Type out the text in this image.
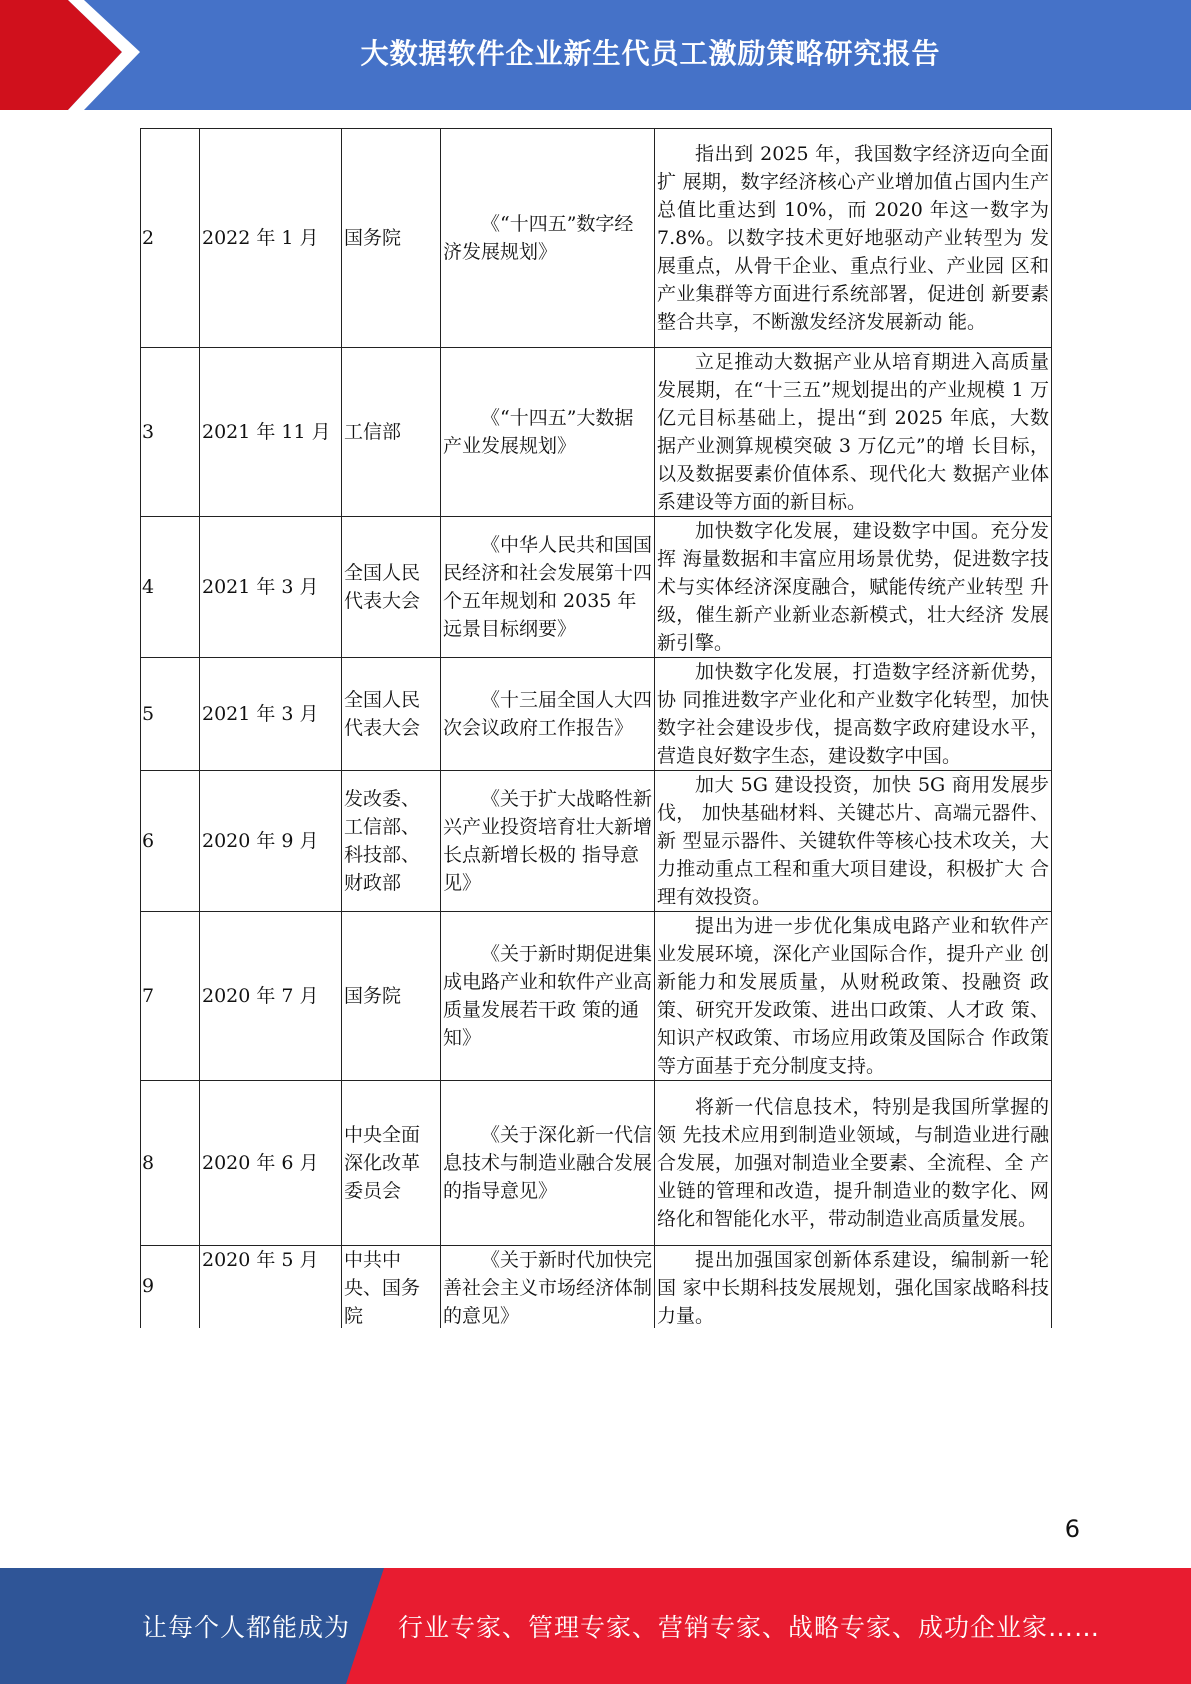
大数据软件企业新生代员工激励策略研究报告
2	2022 年 1 月	国务院	《“十四五”数字经 济发展规划》	指出到 2025 年，我国数字经济迈向全面扩 展期，数字经济核心产业增加值占国内生产 总值比重达到 10%，而 2020 年这一数字为 7.8%。以数字技术更好地驱动产业转型为 发展重点，从骨干企业、重点行业、产业园 区和产业集群等方面进行系统部署，促进创 新要素整合共享，不断激发经济发展新动 能。
3	2021 年 11 月	工信部	《“十四五”大数据 产业发展规划》	立足推动大数据产业从培育期进入高质量 发展期，在“十三五”规划提出的产业规模 1 万亿元目标基础上，提出“到 2025 年底，大数据产业测算规模突破 3 万亿元”的增 长目标，以及数据要素价值体系、现代化大 数据产业体系建设等方面的新目标。
4	2021 年 3 月	全国人民代表大会	《中华人民共和国国 民经济和社会发展第十四个五年规划和 2035 年远景目标纲要》	加快数字化发展，建设数字中国。充分发挥 海量数据和丰富应用场景优势，促进数字技 术与实体经济深度融合，赋能传统产业转型 升级，催生新产业新业态新模式，壮大经济 发展新引擎。
5	2021 年 3 月	全国人民代表大会	《十三届全国人大四 次会议政府工作报告》	加快数字化发展，打造数字经济新优势，协 同推进数字产业化和产业数字化转型，加快 数字社会建设步伐，提高数字政府建设水平，营造良好数字生态，建设数字中国。
6	2020 年 9 月	发改委、工信部、科技部、财政部	《关于扩大战略性新 兴产业投资培育壮大新增长点新增长极的 指导意见》	加大 5G 建设投资，加快 5G 商用发展步伐， 加快基础材料、关键芯片、高端元器件、新 型显示器件、关键软件等核心技术攻关，大 力推动重点工程和重大项目建设，积极扩大 合理有效投资。
7	2020 年 7 月	国务院	《关于新时期促进集 成电路产业和软件产业高质量发展若干政 策的通知》	提出为进一步优化集成电路产业和软件产 业发展环境，深化产业国际合作，提升产业 创新能力和发展质量，从财税政策、投融资 政策、研究开发政策、进出口政策、人才政 策、知识产权政策、市场应用政策及国际合 作政策等方面基于充分制度支持。
8	2020 年 6 月	中央全面深化改革委员会	《关于深化新一代信 息技术与制造业融合发展的指导意见》	将新一代信息技术，特别是我国所掌握的领 先技术应用到制造业领域，与制造业进行融 合发展，加强对制造业全要素、全流程、全 产业链的管理和改造，提升制造业的数字化、网络化和智能化水平，带动制造业高质量发展。

9	2020 年 5 月	中共中央、国务院	《关于新时代加快完 善社会主义市场经济体制的意见》	提出加强国家创新体系建设，编制新一轮国 家中长期科技发展规划，强化国家战略科技 力量。
6
让每个人都能成为 行业专家、管理专家、营销专家、战略专家、成功企业家……
